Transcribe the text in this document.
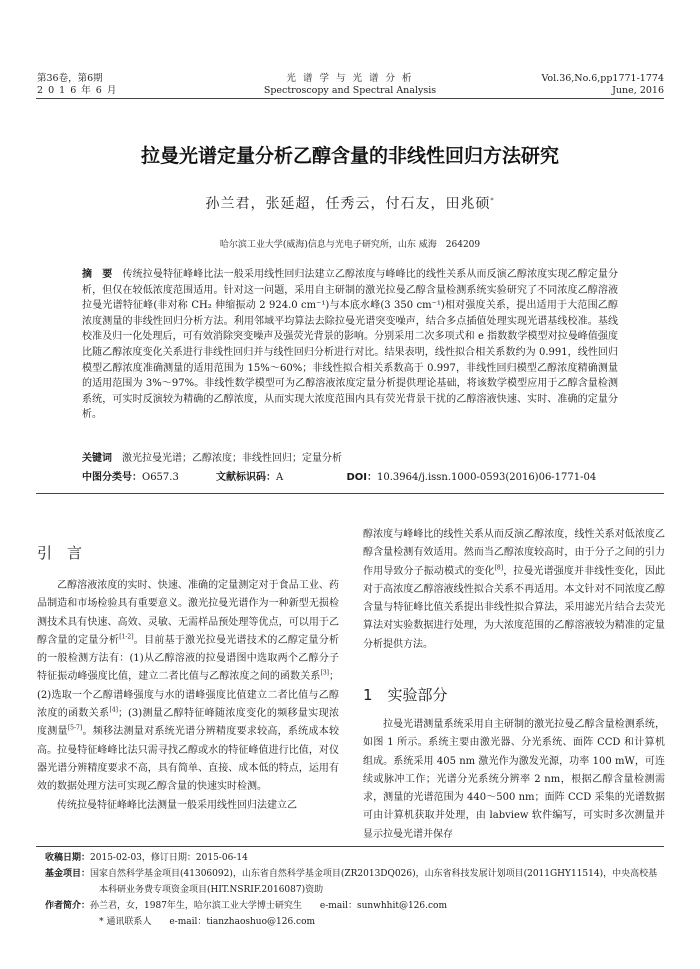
第36卷，第6期
2 0 1 6 年 6 月
光 谱 学 与 光 谱 分 析
Spectroscopy and Spectral Analysis
Vol.36,No.6,pp1771-1774
June, 2016
拉曼光谱定量分析乙醇含量的非线性回归方法研究
孙兰君，张延超，任秀云，付石友，田兆硕*
哈尔滨工业大学(威海)信息与光电子研究所，山东 威海　264209
摘　要　 传统拉曼特征峰峰比法一般采用线性回归法建立乙醇浓度与峰峰比的线性关系从而反演乙醇浓度实现乙醇定量分析，但仅在较低浓度范围适用。针对这一问题，采用自主研制的激光拉曼乙醇含量检测系统实验研究了不同浓度乙醇溶液拉曼光谱特征峰(非对称 CH₂ 伸缩振动 2 924.0 cm⁻¹)与本底水峰(3 350 cm⁻¹)相对强度关系，提出适用于大范围乙醇浓度测量的非线性回归分析方法。利用邻域平均算法去除拉曼光谱突变噪声，结合多点插值处理实现光谱基线校准。基线校准及归一化处理后，可有效消除突变噪声及强荧光背景的影响。分别采用二次多项式和 e 指数数学模型对拉曼峰值强度比随乙醇浓度变化关系进行非线性回归并与线性回归分析进行对比。结果表明，线性拟合相关系数约为 0.991，线性回归模型乙醇浓度准确测量的适用范围为 15%～60%；非线性拟合相关系数高于 0.997，非线性回归模型乙醇浓度精确测量的适用范围为 3%～97%。非线性数学模型可为乙醇溶液浓度定量分析提供理论基础，将该数学模型应用于乙醇含量检测系统，可实时反演较为精确的乙醇浓度，从而实现大浓度范围内具有荧光背景干扰的乙醇溶液快速、实时、准确的定量分析。
关键词　 激光拉曼光谱；乙醇浓度；非线性回归；定量分析
中图分类号：O657.3	文献标识码：A	DOI：10.3964/j.issn.1000-0593(2016)06-1771-04
引　言

乙醇溶液浓度的实时、快速、准确的定量测定对于食品工业、药品制造和市场检验具有重要意义。激光拉曼光谱作为一种新型无损检测技术具有快速、高效、灵敏、无需样品预处理等优点，可以用于乙醇含量的定量分析[1-2]。目前基于激光拉曼光谱技术的乙醇定量分析的一般检测方法有：(1)从乙醇溶液的拉曼谱图中选取两个乙醇分子特征振动峰强度比值，建立二者比值与乙醇浓度之间的函数关系[3]；(2)选取一个乙醇谱峰强度与水的谱峰强度比值建立二者比值与乙醇浓度的函数关系[4]；(3)测量乙醇特征峰随浓度变化的频移量实现浓度测量[5-7]。频移法测量对系统光谱分辨精度要求较高，系统成本较高。拉曼特征峰峰比法只需寻找乙醇或水的特征峰值进行比值，对仪器光谱分辨精度要求不高，具有简单、直接、成本低的特点，运用有效的数据处理方法可实现乙醇含量的快速实时检测。

传统拉曼特征峰峰比法测量一般采用线性回归法建立乙

醇浓度与峰峰比的线性关系从而反演乙醇浓度，线性关系对低浓度乙醇含量检测有效适用。然而当乙醇浓度较高时，由于分子之间的引力作用导致分子振动模式的变化[8]，拉曼光谱强度并非线性变化，因此对于高浓度乙醇溶液线性拟合关系不再适用。本文针对不同浓度乙醇含量与特征峰比值关系提出非线性拟合算法，采用滤光片结合去荧光算法对实验数据进行处理，为大浓度范围的乙醇溶液较为精准的定量分析提供方法。

1　实验部分

拉曼光谱测量系统采用自主研制的激光拉曼乙醇含量检测系统，如图 1 所示。系统主要由激光器、分光系统、面阵 CCD 和计算机组成。系统采用 405 nm 激光作为激发光源，功率 100 mW，可连续或脉冲工作；光谱分光系统分辨率 2 nm，根据乙醇含量检测需求，测量的光谱范围为 440～500 nm；面阵 CCD 采集的光谱数据可由计算机获取并处理，由 labview 软件编写，可实时多次测量并显示拉曼光谱并保存

收稿日期：2015-02-03，修订日期：2015-06-14
基金项目：国家自然科学基金项目(41306092)，山东省自然科学基金项目(ZR2013DQ026)，山东省科技发展计划项目(2011GHY11514)，中央高校基本科研业务费专项资金项目(HIT.NSRIF.2016087)资助
作者简介：孙兰君，女，1987年生，哈尔滨工业大学博士研究生　　e-mail：sunwhhit@126.com
* 通讯联系人　　e-mail：tianzhaoshuo@126.com
